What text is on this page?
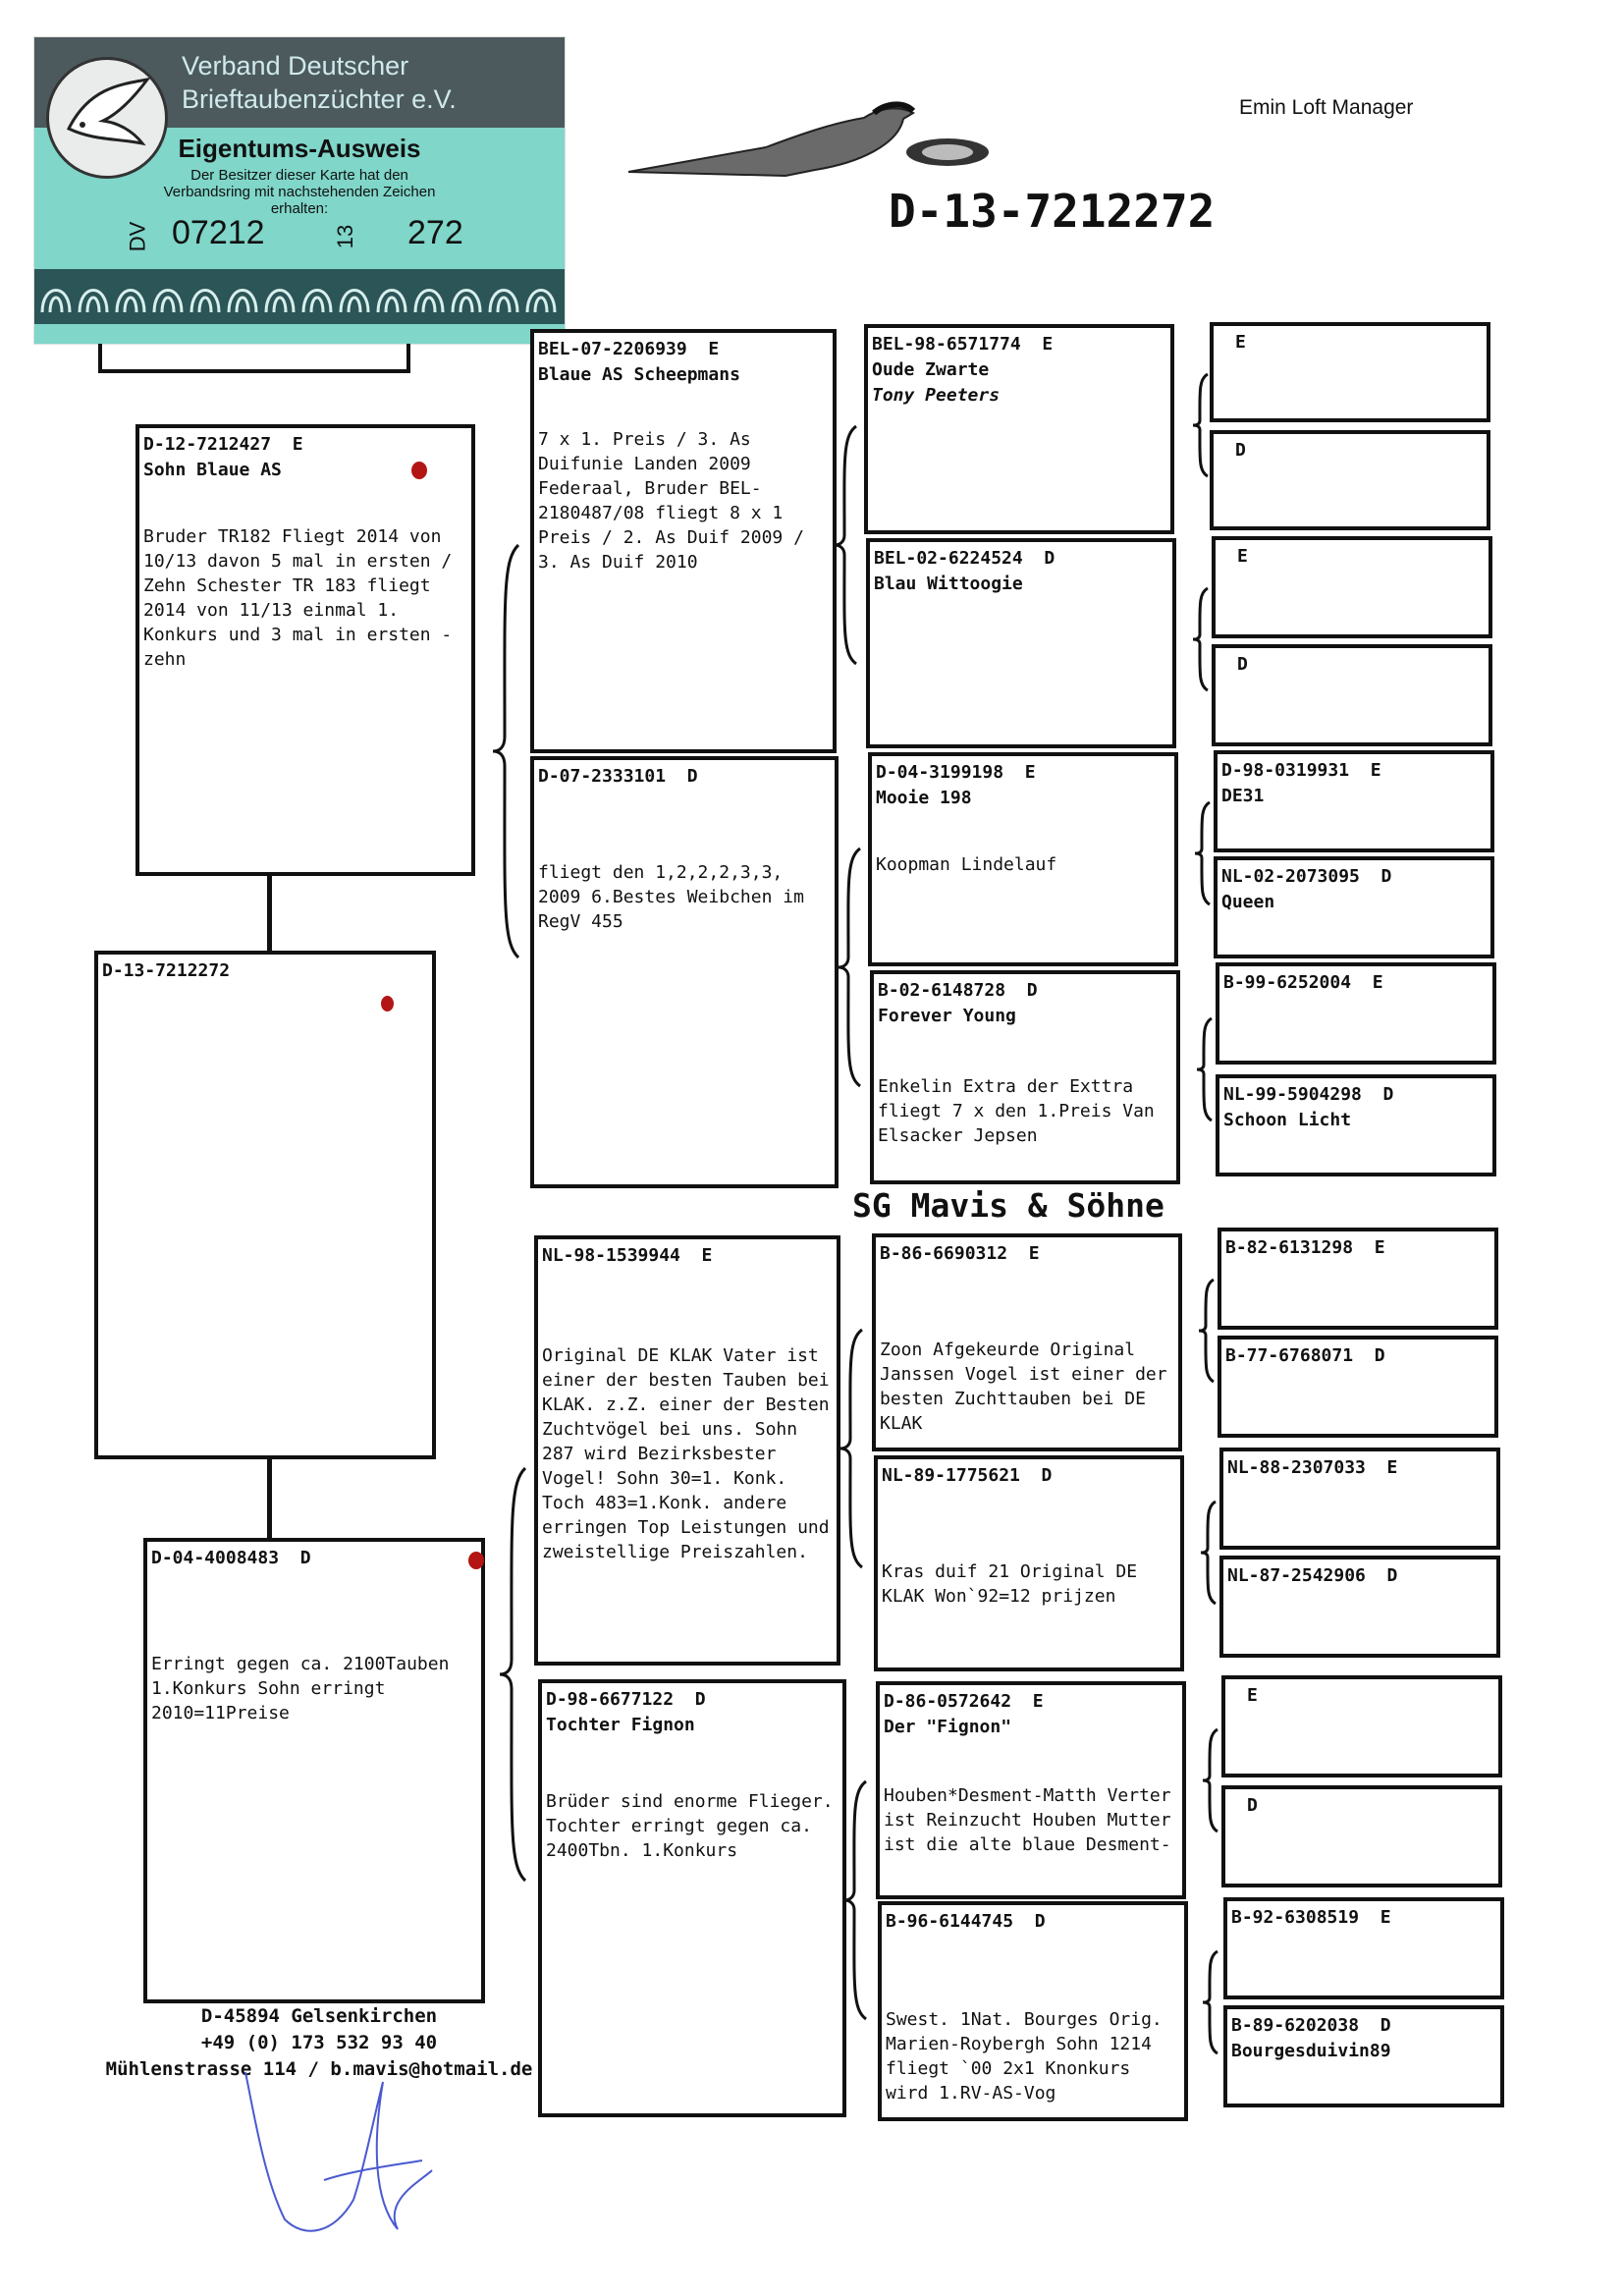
Verband Deutscher Brieftaubenzüchter e.V.
Eigentums-Ausweis
Der Besitzer dieser Karte hat den Verbandsring mit nachstehenden Zeichen erhalten:
DV 07212	13 272
Emin Loft Manager
D-13-7212272
D-12-7212427  E
Sohn Blaue AS
Bruder TR182 Fliegt 2014 von 10/13 davon 5 mal in ersten / Zehn Schester TR 183 fliegt 2014 von 11/13 einmal 1. Konkurs und 3 mal in ersten -zehn
D-13-7212272
D-04-4008483  D
Erringt gegen ca. 2100Tauben 1.Konkurs Sohn erringt 2010=11Preise
BEL-07-2206939  E
Blaue AS Scheepmans
7 x 1. Preis / 3. As Duifunie Landen 2009 Federaal, Bruder BEL-2180487/08 fliegt 8 x 1 Preis / 2. As Duif 2009 / 3. As Duif 2010
D-07-2333101  D
fliegt den 1,2,2,2,3,3, 2009 6.Bestes Weibchen im RegV 455
NL-98-1539944  E
Original DE KLAK Vater ist einer der besten Tauben bei KLAK. z.Z. einer der Besten Zuchtvögel bei uns. Sohn 287 wird Bezirksbester Vogel! Sohn 30=1. Konk. Toch 483=1.Konk. andere erringen Top Leistungen und zweistellige Preiszahlen.
D-98-6677122  D
Tochter Fignon
Brüder sind enorme Flieger. Tochter erringt gegen ca. 2400Tbn. 1.Konkurs
SG Mavis & Söhne
BEL-98-6571774  E
Oude Zwarte
Tony Peeters
BEL-02-6224524  D
Blau Wittoogie
D-04-3199198  E
Mooie 198
Koopman Lindelauf
B-02-6148728  D
Forever Young
Enkelin Extra der Exttra fliegt 7 x den 1.Preis Van Elsacker Jepsen
B-86-6690312  E
Zoon Afgekeurde Original Janssen Vogel ist einer der besten Zuchttauben bei DE KLAK
NL-89-1775621  D
Kras duif 21 Original DE KLAK Won`92=12 prijzen
D-86-0572642  E
Der "Fignon"
Houben*Desment-Matth Verter ist Reinzucht Houben Mutter ist die alte blaue Desment-
B-96-6144745  D
Swest. 1Nat. Bourges Orig. Marien-Roybergh Sohn 1214 fliegt `00 2x1 Knonkurs wird 1.RV-AS-Vog
E
D
E
D
D-98-0319931  E
DE31
NL-02-2073095  D
Queen
B-99-6252004  E
NL-99-5904298  D
Schoon Licht
B-82-6131298  E
B-77-6768071  D
NL-88-2307033  E
NL-87-2542906  D
E
D
B-92-6308519  E
B-89-6202038  D
Bourgesduivin89
D-45894 Gelsenkirchen
+49 (0) 173 532 93 40
Mühlenstrasse 114 / b.mavis@hotmail.de
